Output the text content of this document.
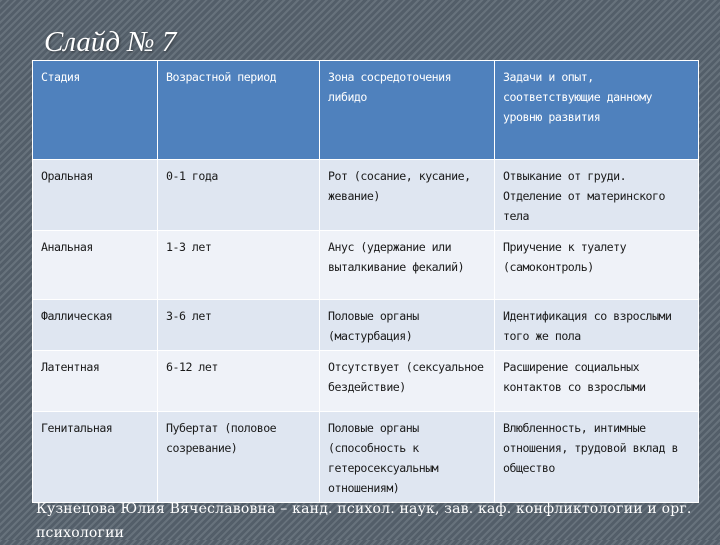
Слайд № 7
Стадия	Возрастной период	Зона сосредоточения либидо	Задачи и опыт, соответствующие данному уровню развития
Оральная	0-1 года	Рот (сосание, кусание, жевание)	Отвыкание от груди. Отделение от материнского тела
Анальная	1-3 лет	Анус (удержание или выталкивание фекалий)	Приучение к туалету (самоконтроль)
Фаллическая	3-6 лет	Половые органы (мастурбация)	Идентификация со взрослыми того же пола
Латентная	6-12 лет	Отсутствует (сексуальное бездействие)	Расширение социальных контактов со взрослыми
Генитальная	Пубертат (половое созревание)	Половые органы (способность к гетеросексуальным отношениям)	Влюбленность, интимные отношения, трудовой вклад в общество

Кузнецова Юлия Вячеславовна – канд. психол. наук, зав. каф. конфликтологии и орг. психологии
